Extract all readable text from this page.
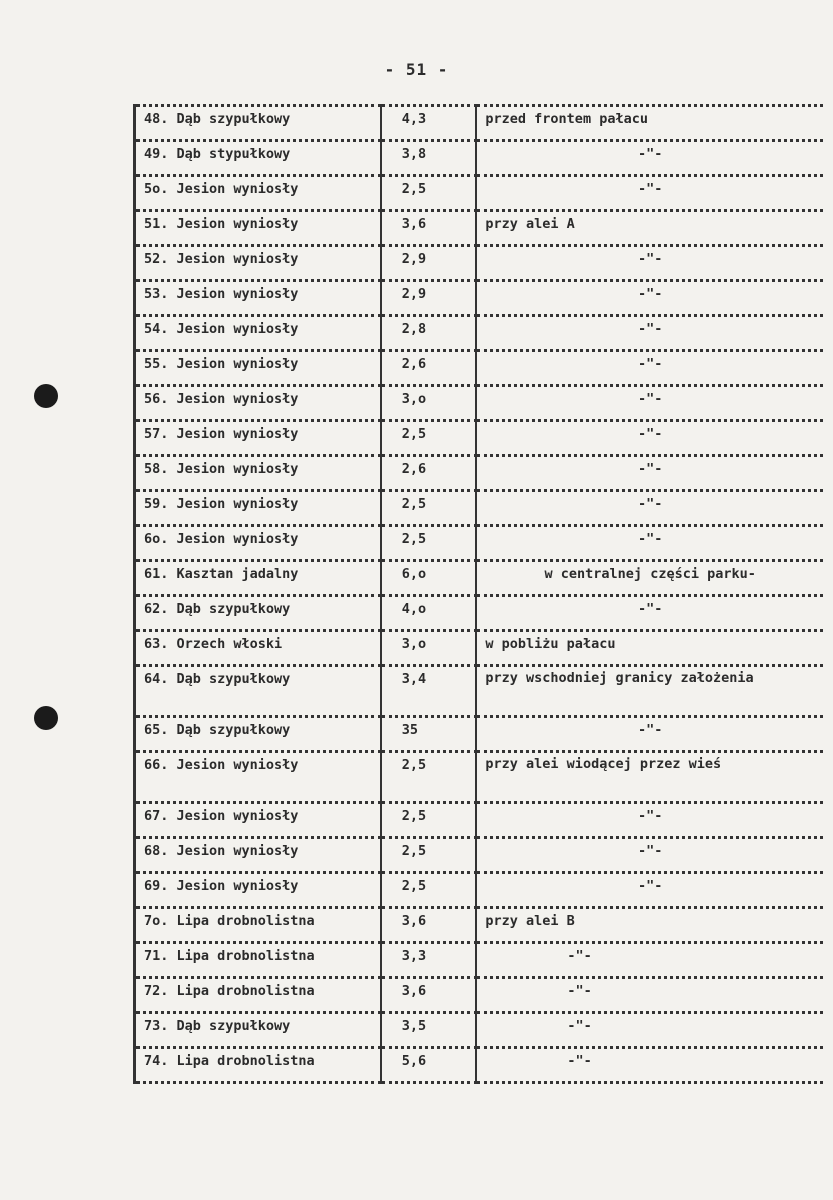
- 51 -
48. Dąb szypułkowy	4,3	przed frontem pałacu
49. Dąb stypułkowy	3,8	-"-
5o. Jesion wyniosły	2,5	-"-
51. Jesion wyniosły	3,6	przy alei A
52. Jesion wyniosły	2,9	-"-
53. Jesion wyniosły	2,9	-"-
54. Jesion wyniosły	2,8	-"-
55. Jesion wyniosły	2,6	-"-
56. Jesion wyniosły	3,o	-"-
57. Jesion wyniosły	2,5	-"-
58. Jesion wyniosły	2,6	-"-
59. Jesion wyniosły	2,5	-"-
6o. Jesion wyniosły	2,5	-"-
61. Kasztan jadalny	6,o	w centralnej części parku-
62. Dąb szypułkowy	4,o	-"-
63. Orzech włoski	3,o	w pobliżu pałacu
64. Dąb szypułkowy	3,4	przy wschodniej granicy założenia
65. Dąb szypułkowy	35	-"-
66. Jesion wyniosły	2,5	przy alei wiodącej przez wieś
67. Jesion wyniosły	2,5	-"-
68. Jesion wyniosły	2,5	-"-
69. Jesion wyniosły	2,5	-"-
7o. Lipa drobnolistna	3,6	przy alei B
71. Lipa drobnolistna	3,3	-"-
72. Lipa drobnolistna	3,6	-"-
73. Dąb szypułkowy	3,5	-"-
74. Lipa drobnolistna	5,6	-"-
